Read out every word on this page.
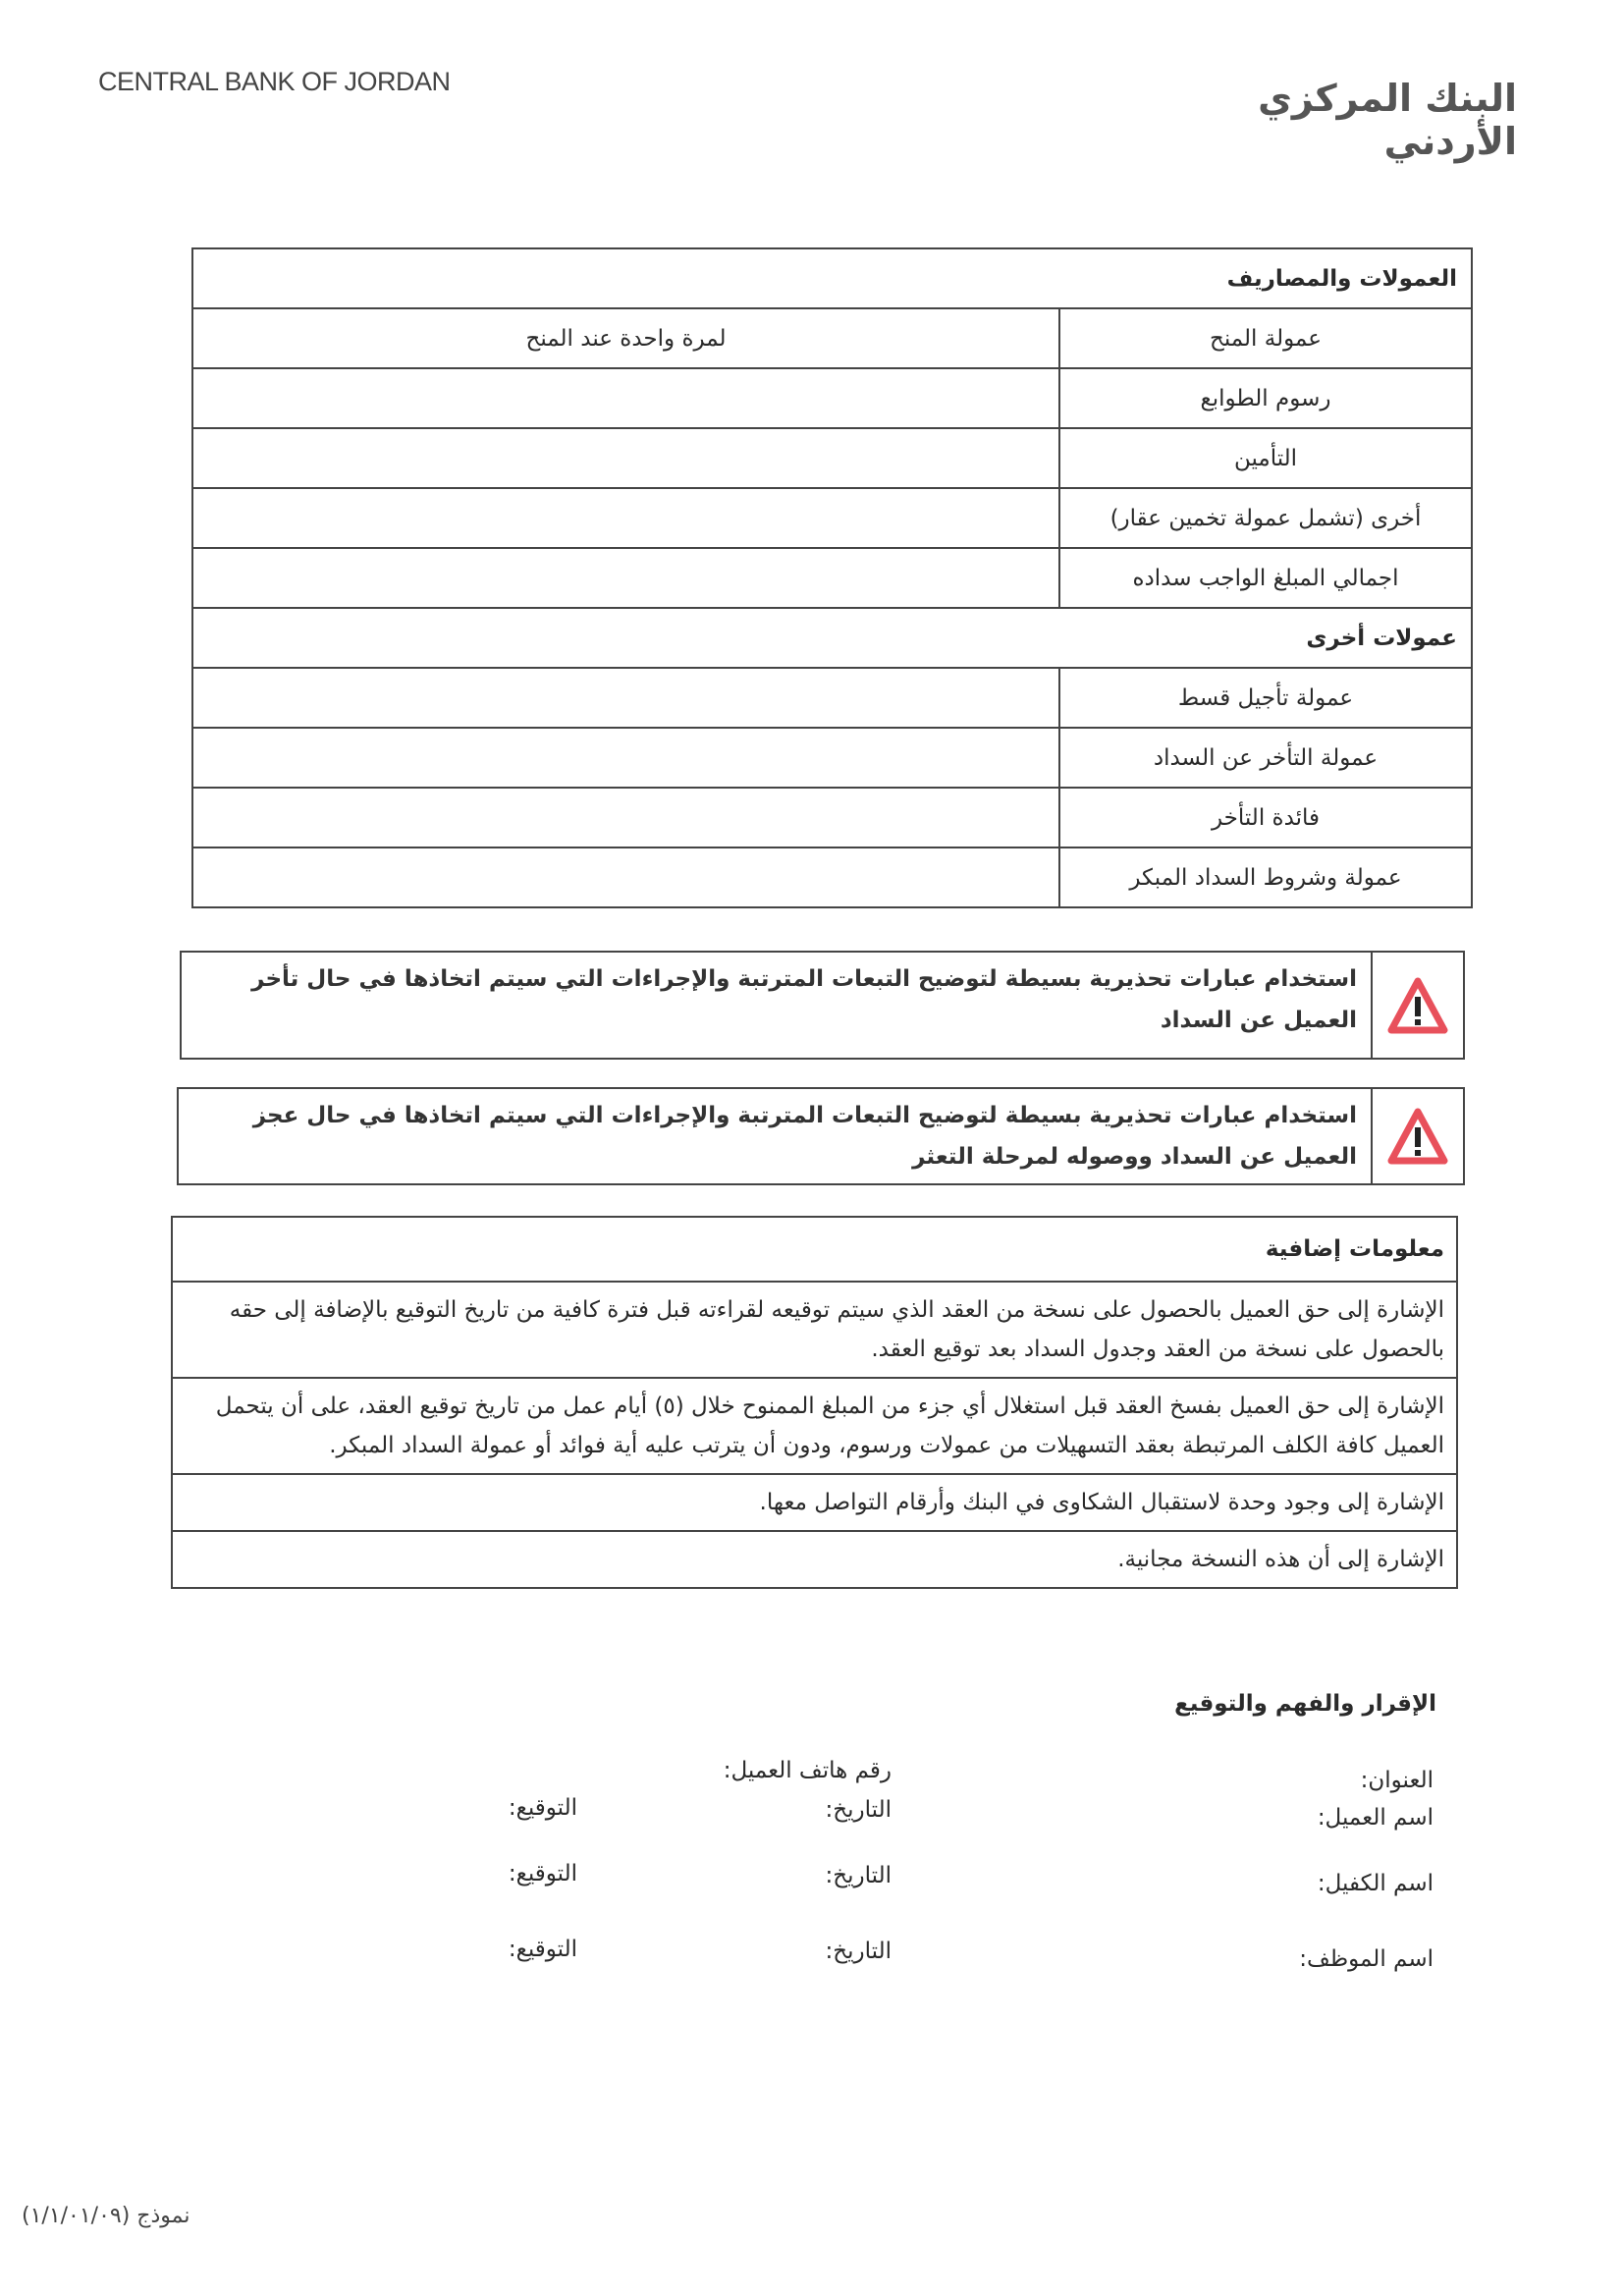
CENTRAL BANK OF JORDAN	البنك المركزي الأردني
العمولات والمصاريف	
عمولة المنح	لمرة واحدة عند المنح
رسوم الطوابع	
التأمين	
أخرى (تشمل عمولة تخمين عقار)	
اجمالي المبلغ الواجب سداده	
عمولات أخرى	
عمولة تأجيل قسط	
عمولة التأخر عن السداد	
فائدة التأخر	
عمولة وشروط السداد المبكر	
استخدام عبارات تحذيرية بسيطة لتوضيح التبعات المترتبة والإجراءات التي سيتم اتخاذها في حال تأخر العميل عن السداد
استخدام عبارات تحذيرية بسيطة لتوضيح التبعات المترتبة والإجراءات التي سيتم اتخاذها في حال عجز العميل عن السداد ووصوله لمرحلة التعثر
معلومات إضافية
الإشارة إلى حق العميل بالحصول على نسخة من العقد الذي سيتم توقيعه لقراءته قبل فترة كافية من تاريخ التوقيع بالإضافة إلى حقه بالحصول على نسخة من العقد وجدول السداد بعد توقيع العقد.
الإشارة إلى حق العميل بفسخ العقد قبل استغلال أي جزء من المبلغ الممنوح خلال (٥) أيام عمل من تاريخ توقيع العقد، على أن يتحمل العميل كافة الكلف المرتبطة بعقد التسهيلات من عمولات ورسوم، ودون أن يترتب عليه أية فوائد أو عمولة السداد المبكر.
الإشارة إلى وجود وحدة لاستقبال الشكاوى في البنك وأرقام التواصل معها.
الإشارة إلى أن هذه النسخة مجانية.
الإقرار والفهم والتوقيع
العنوان:
رقم هاتف العميل:
اسم العميل:
التاريخ:
التوقيع:
اسم الكفيل:
التاريخ:
التوقيع:
اسم الموظف:
التاريخ:
التوقيع:
نموذج (١/١/٠١/٠٩)
